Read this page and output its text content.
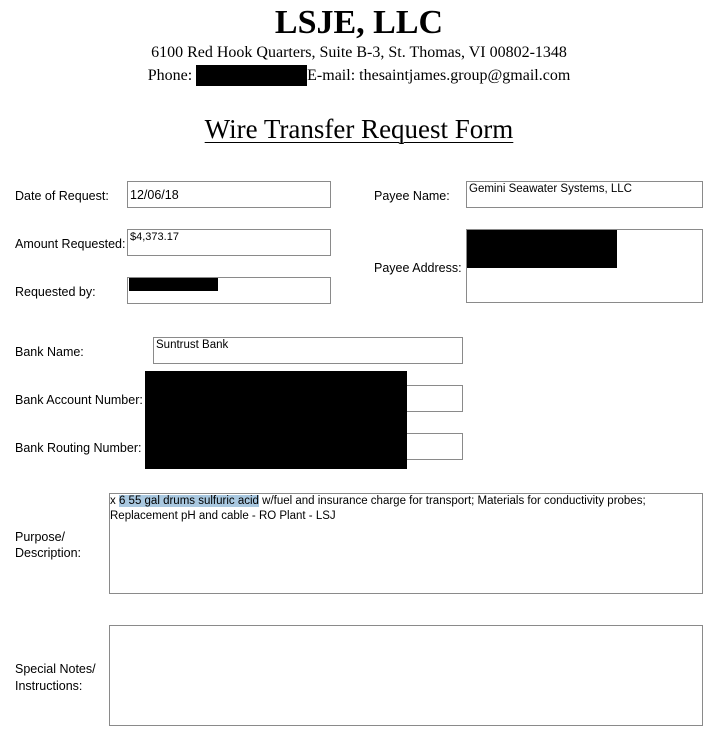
LSJE, LLC
6100 Red Hook Quarters, Suite B-3, St. Thomas, VI 00802-1348
Phone:	E-mail: thesaintjames.group@gmail.com
Wire Transfer Request Form
Date of Request: 12/06/18	Payee Name: Gemini Seawater Systems, LLC
Amount Requested: $4,373.17
Payee Address:
Requested by:
Bank Name:	Suntrust Bank
Bank Account Number:
Bank Routing Number:
Purpose/
Description:
x 6 55 gal drums sulfuric acid w/fuel and insurance charge for transport; Materials for conductivity probes; Replacement pH and cable - RO Plant - LSJ
Special Notes/
Instructions:
